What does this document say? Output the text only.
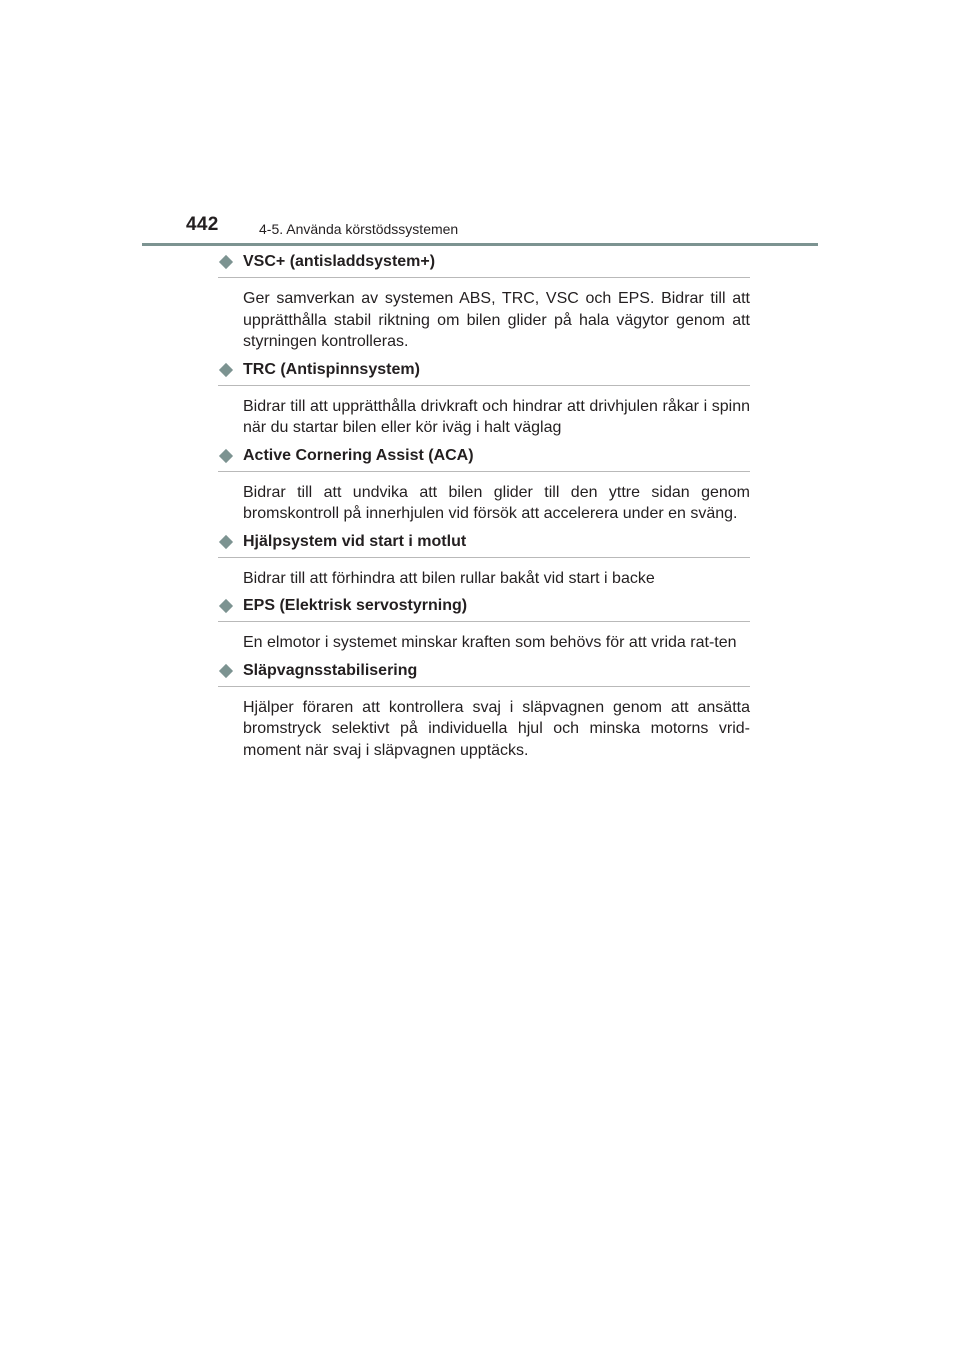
442	4-5. Använda körstödssystemen
VSC+ (antisladdsystem+)
Ger samverkan av systemen ABS, TRC, VSC och EPS. Bidrar till att upprätthålla stabil riktning om bilen glider på hala vägytor genom att styrningen kontrolleras.
TRC (Antispinnsystem)
Bidrar till att upprätthålla drivkraft och hindrar att drivhjulen råkar i spinn när du startar bilen eller kör iväg i halt väglag
Active Cornering Assist (ACA)
Bidrar till att undvika att bilen glider till den yttre sidan genom bromskontroll på innerhjulen vid försök att accelerera under en sväng.
Hjälpsystem vid start i motlut
Bidrar till att förhindra att bilen rullar bakåt vid start i backe
EPS (Elektrisk servostyrning)
En elmotor i systemet minskar kraften som behövs för att vrida rat-ten
Släpvagnsstabilisering
Hjälper föraren att kontrollera svaj i släpvagnen genom att ansätta bromstryck selektivt på individuella hjul och minska motorns vrid-moment när svaj i släpvagnen upptäcks.
